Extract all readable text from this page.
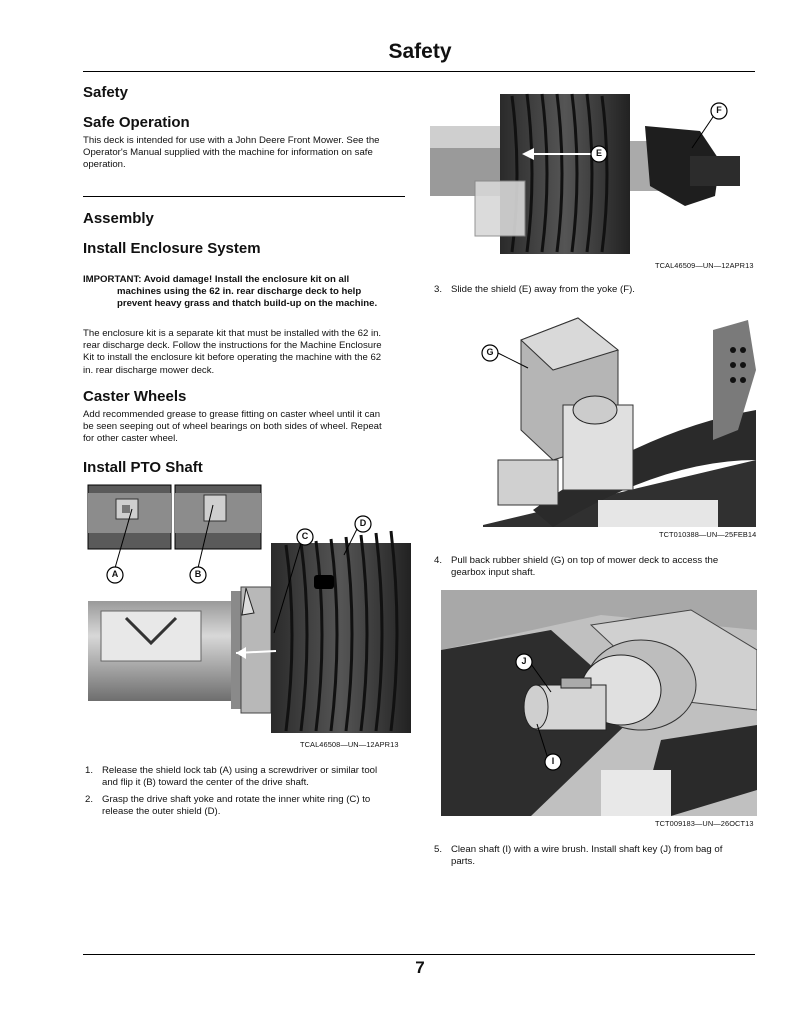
Safety
Safety
Safe Operation
This deck is intended for use with a John Deere Front Mower. See the
Operator's Manual supplied with the machine for information on safe
operation.
Assembly
Install Enclosure System
IMPORTANT: Avoid damage! Install the enclosure kit on all
machines using the 62 in. rear discharge deck to help
prevent heavy grass and thatch build-up on the machine.
The enclosure kit is a separate kit that must be installed with the 62 in.
rear discharge deck. Follow the instructions for the Machine Enclosure
Kit to install the enclosure kit before operating the machine with the 62
in. rear discharge mower deck.
Caster Wheels
Add recommended grease to grease fitting on caster wheel until it can
be seen seeping out of wheel bearings on both sides of wheel. Repeat
for other caster wheel.
Install PTO Shaft
A	B
C
D
TCAL46508—UN—12APR13
1. Release the shield lock tab (A) using a screwdriver or similar tool
and flip it (B) toward the center of the drive shaft.
2. Grasp the drive shaft yoke and rotate the inner white ring (C) to
release the outer shield (D).
E
F
TCAL46509—UN—12APR13
3. Slide the shield (E) away from the yoke (F).
G
TCT010388—UN—25FEB14
4. Pull back rubber shield (G) on top of mower deck to access the
gearbox input shaft.
J
I
TCT009183—UN—26OCT13
5. Clean shaft (I) with a wire brush. Install shaft key (J) from bag of
parts.
7
